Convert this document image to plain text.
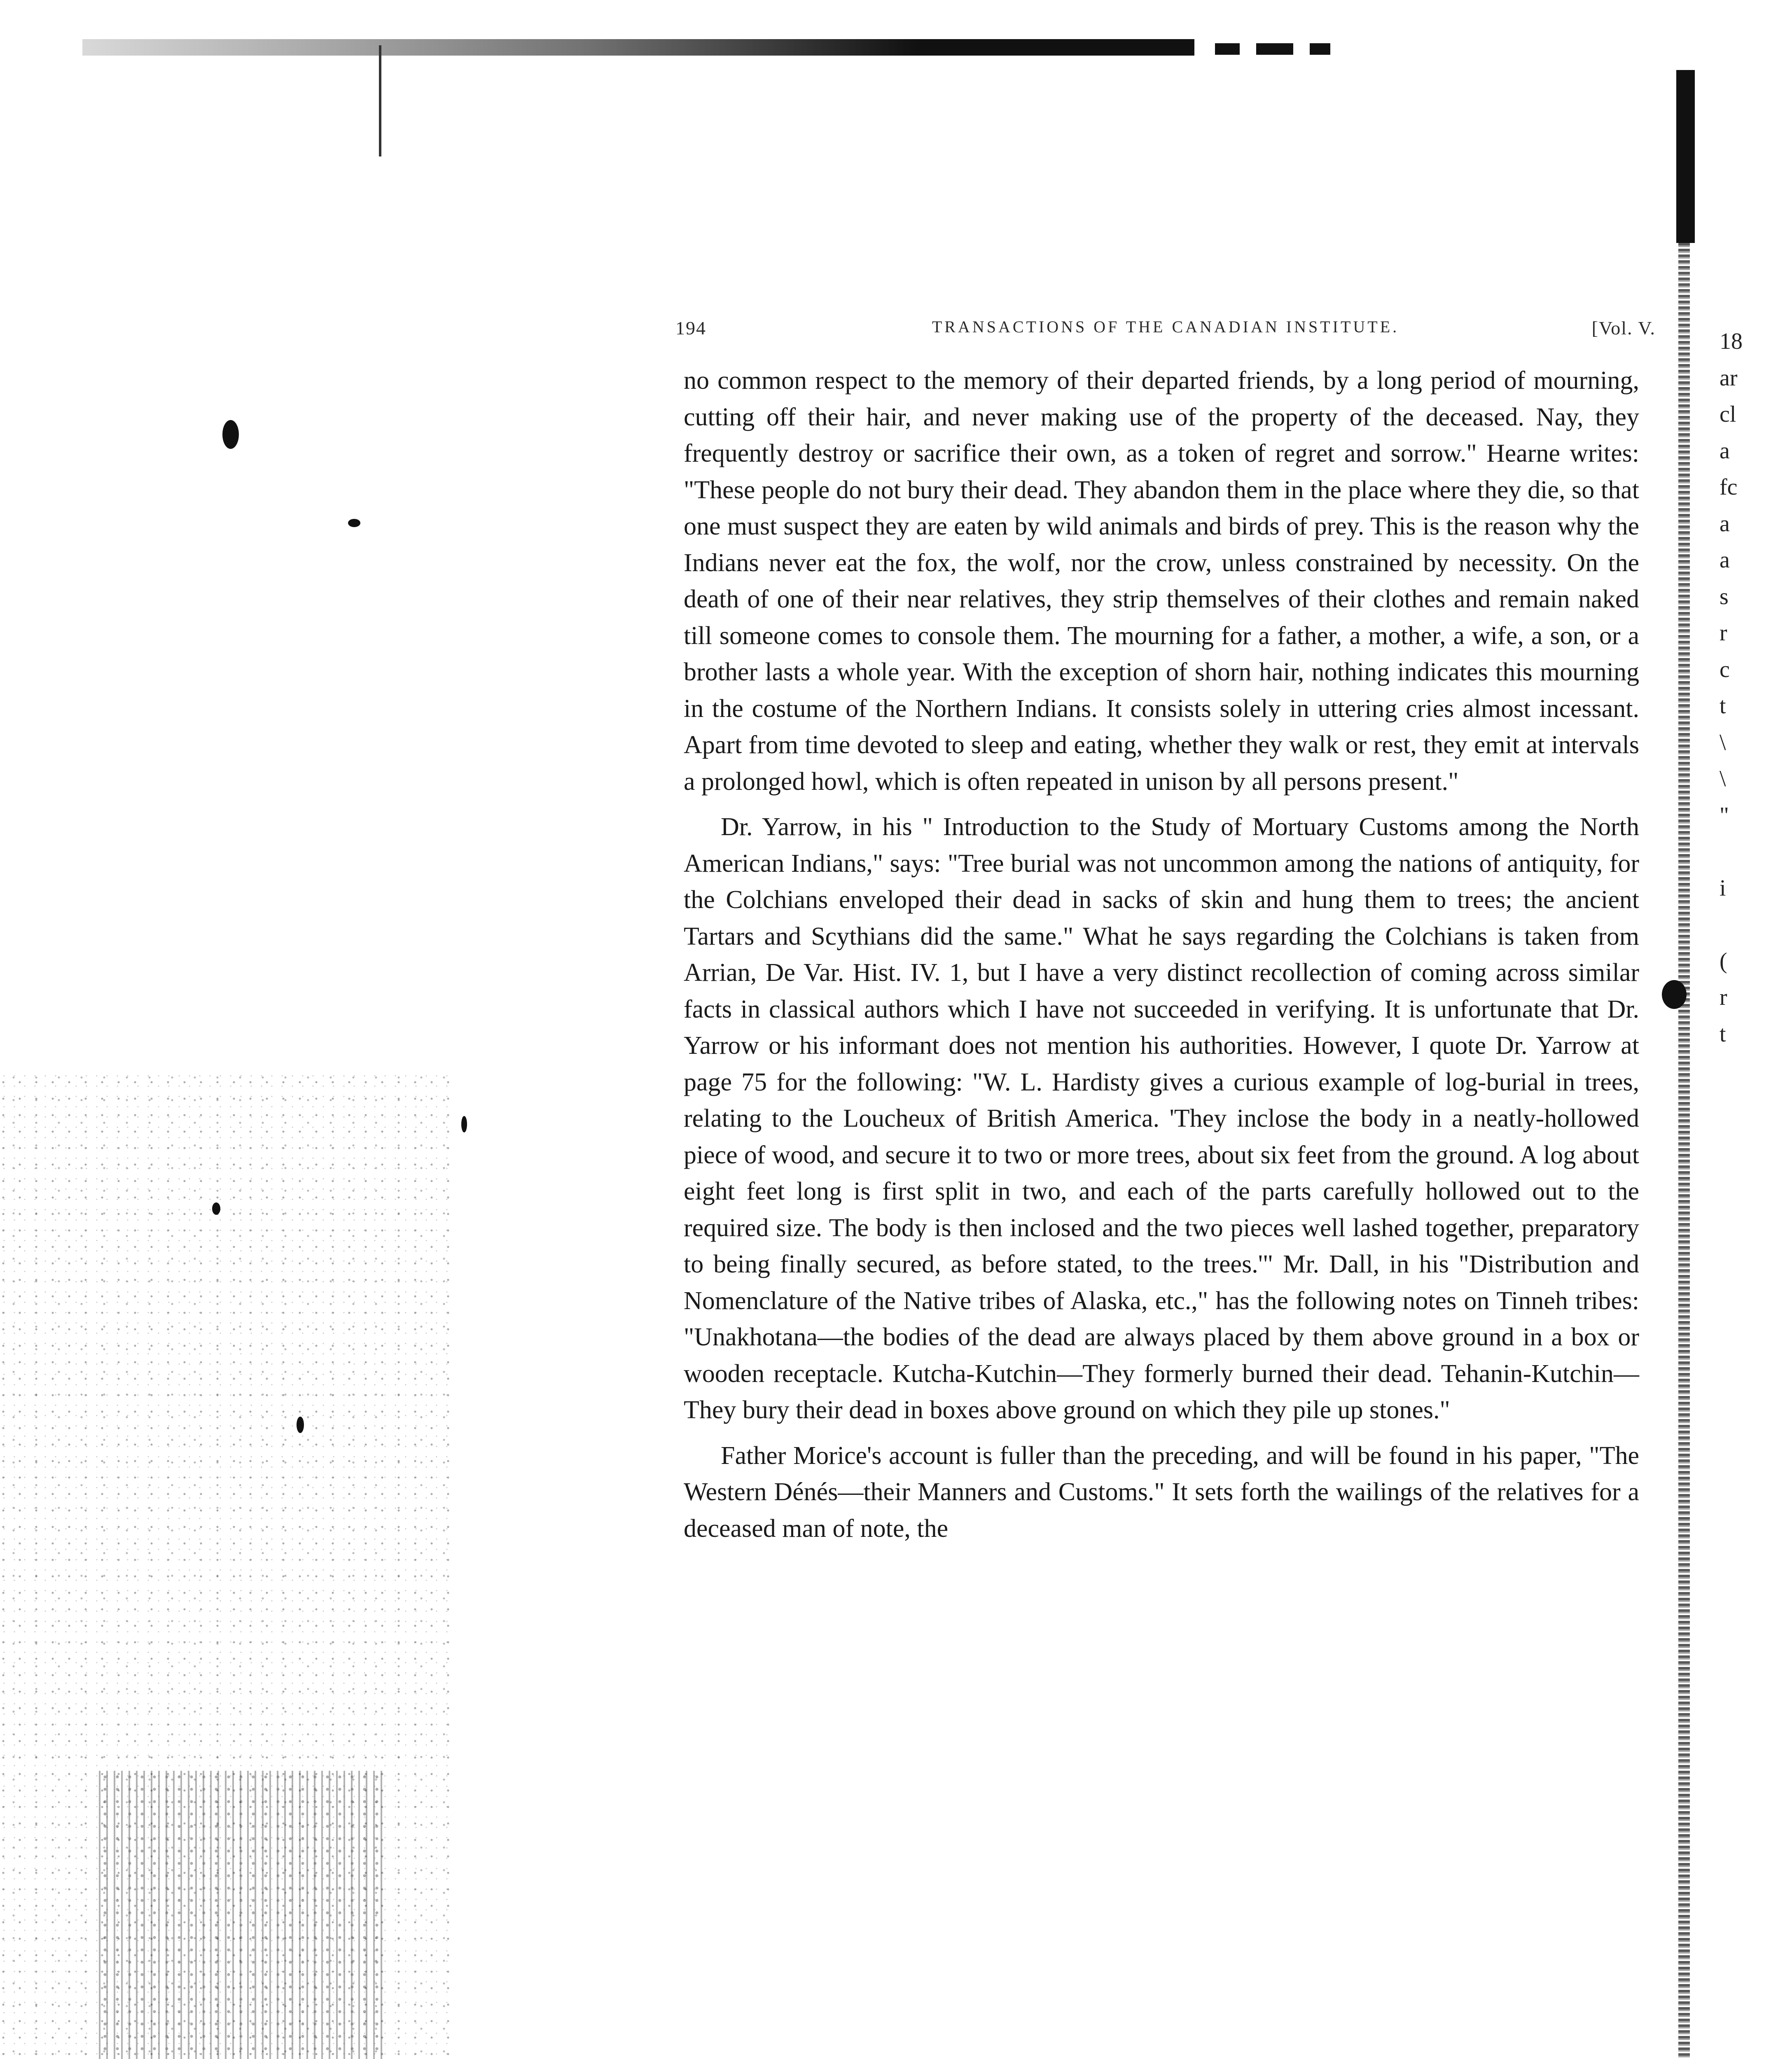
194	TRANSACTIONS OF THE CANADIAN INSTITUTE.	[Vol. V.

no common respect to the memory of their departed friends, by a long period of mourning, cutting off their hair, and never making use of the property of the deceased. Nay, they frequently destroy or sacrifice their own, as a token of regret and sorrow." Hearne writes: "These people do not bury their dead. They abandon them in the place where they die, so that one must suspect they are eaten by wild animals and birds of prey. This is the reason why the Indians never eat the fox, the wolf, nor the crow, unless constrained by necessity. On the death of one of their near relatives, they strip themselves of their clothes and remain naked till someone comes to console them. The mourning for a father, a mother, a wife, a son, or a brother lasts a whole year. With the exception of shorn hair, nothing indicates this mourning in the costume of the Northern Indians. It consists solely in uttering cries almost incessant. Apart from time devoted to sleep and eating, whether they walk or rest, they emit at intervals a prolonged howl, which is often repeated in unison by all persons present."

Dr. Yarrow, in his " Introduction to the Study of Mortuary Customs among the North American Indians," says: "Tree burial was not uncommon among the nations of antiquity, for the Colchians enveloped their dead in sacks of skin and hung them to trees; the ancient Tartars and Scythians did the same." What he says regarding the Colchians is taken from Arrian, De Var. Hist. IV. 1, but I have a very distinct recollection of coming across similar facts in classical authors which I have not succeeded in verifying. It is unfortunate that Dr. Yarrow or his informant does not mention his authorities. However, I quote Dr. Yarrow at page 75 for the following: "W. L. Hardisty gives a curious example of log-burial in trees, relating to the Loucheux of British America. 'They inclose the body in a neatly-hollowed piece of wood, and secure it to two or more trees, about six feet from the ground. A log about eight feet long is first split in two, and each of the parts carefully hollowed out to the required size. The body is then inclosed and the two pieces well lashed together, preparatory to being finally secured, as before stated, to the trees.'" Mr. Dall, in his "Distribution and Nomenclature of the Native tribes of Alaska, etc.," has the following notes on Tinneh tribes: "Unakhotana—the bodies of the dead are always placed by them above ground in a box or wooden receptacle. Kutcha-Kutchin—They formerly burned their dead. Tehanin-Kutchin—They bury their dead in boxes above ground on which they pile up stones."

Father Morice's account is fuller than the preceding, and will be found in his paper, "The Western Dénés—their Manners and Customs." It sets forth the wailings of the relatives for a deceased man of note, the

18
ar
cl
a
fc
a
a
s
r
c
t
\
\
"
i
(
r
t
